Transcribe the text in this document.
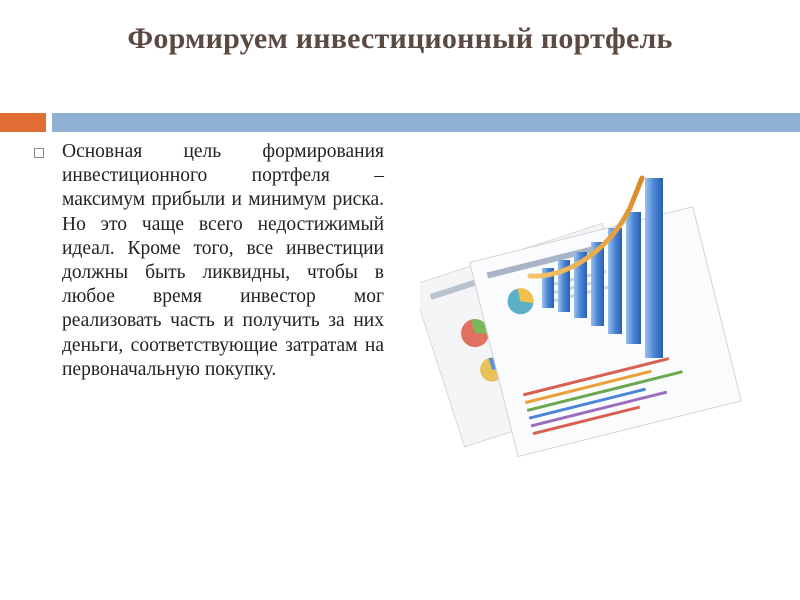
Формируем инвестиционный портфель
Основная цель формирования инвестиционного портфеля – максимум прибыли и минимум риска. Но это чаще всего недостижимый идеал. Кроме того, все инвестиции должны быть ликвидны, чтобы в любое время инвестор мог реализовать часть и получить за них деньги, соответствующие затратам на первоначальную покупку.
